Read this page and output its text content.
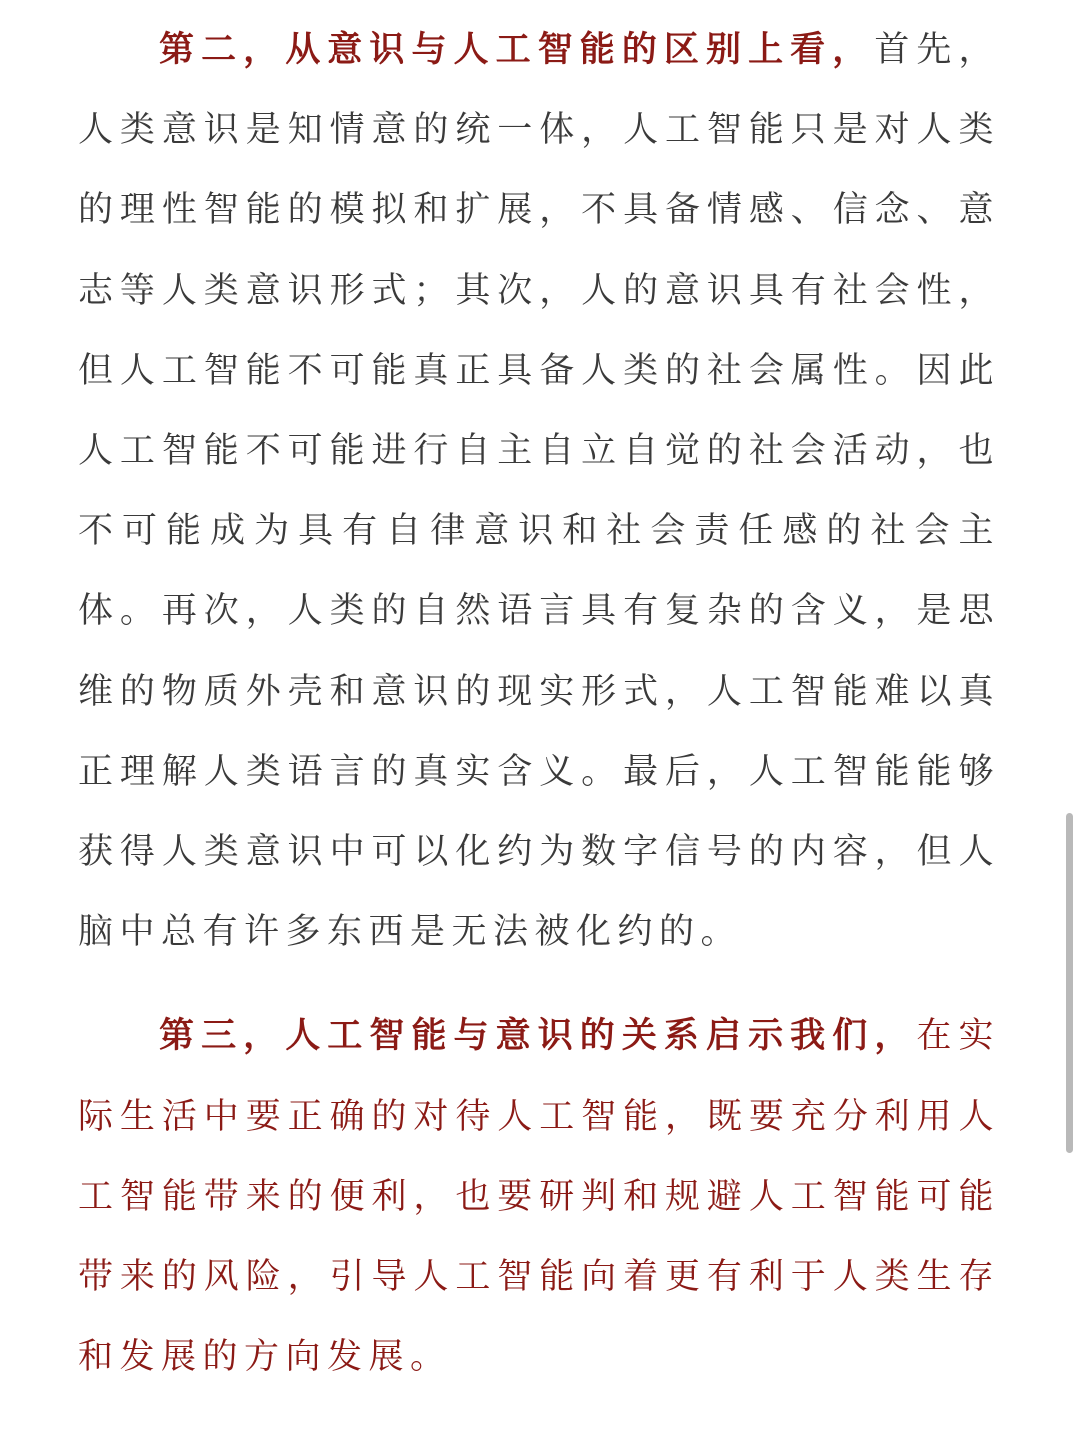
第二，从意识与人工智能的区别上看，首先，人类意识是知情意的统一体，人工智能只是对人类的理性智能的模拟和扩展，不具备情感、信念、意志等人类意识形式；其次，人的意识具有社会性，但人工智能不可能真正具备人类的社会属性。因此人工智能不可能进行自主自立自觉的社会活动，也不可能成为具有自律意识和社会责任感的社会主体。再次，人类的自然语言具有复杂的含义，是思维的物质外壳和意识的现实形式，人工智能难以真正理解人类语言的真实含义。最后，人工智能能够获得人类意识中可以化约为数字信号的内容，但人脑中总有许多东西是无法被化约的。

第三，人工智能与意识的关系启示我们，在实际生活中要正确的对待人工智能，既要充分利用人工智能带来的便利，也要研判和规避人工智能可能带来的风险，引导人工智能向着更有利于人类生存和发展的方向发展。
